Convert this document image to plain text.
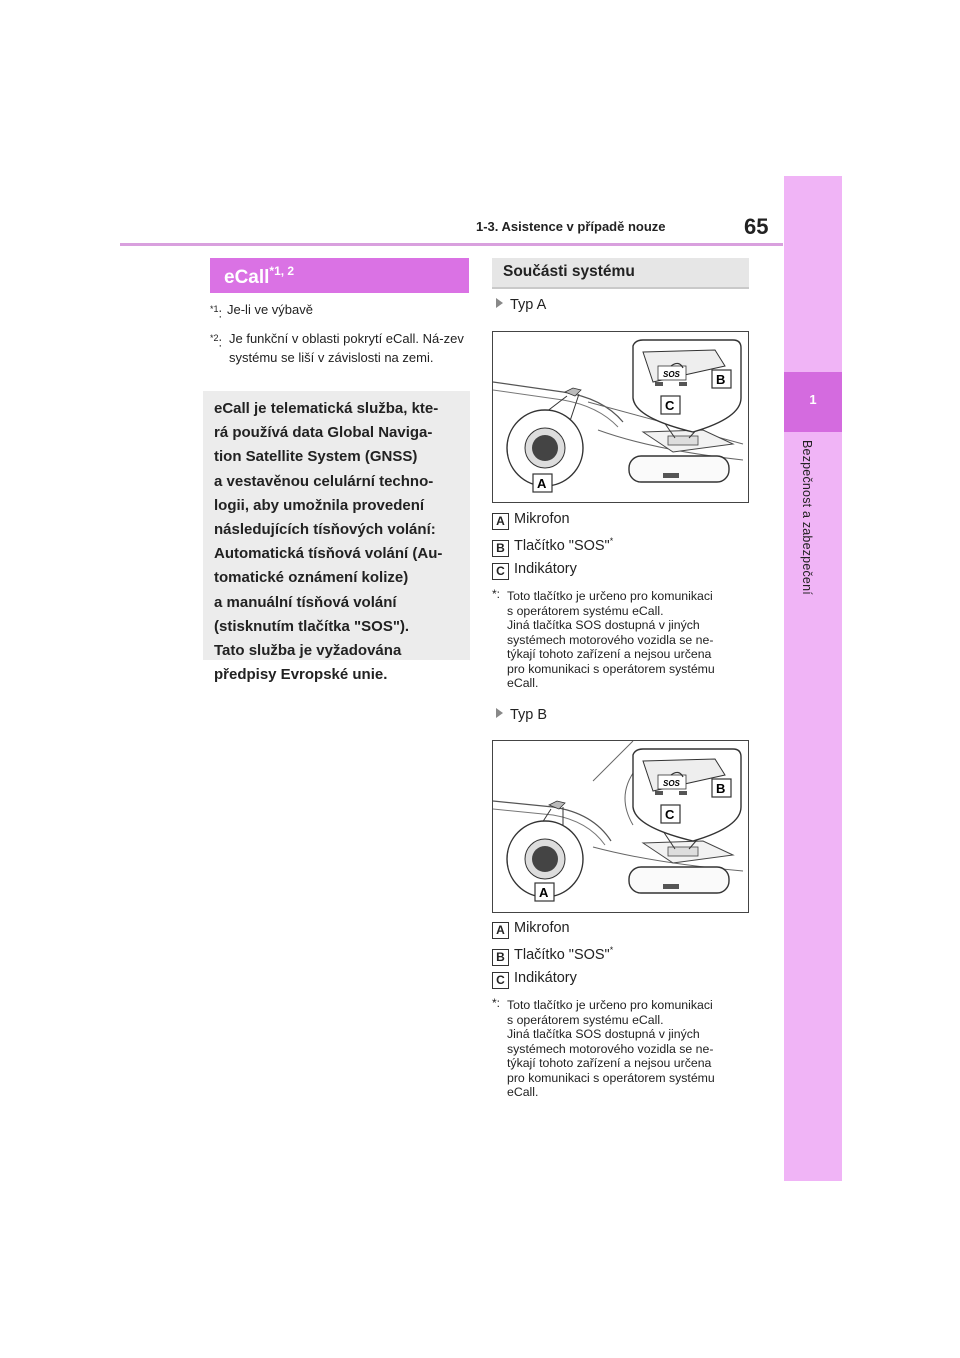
1-3. Asistence v případě nouze	65
1
Bezpečnost a zabezpečení
eCall$^{*1, 2}$
$^{*1}$: Je-li ve výbavě
$^{*2}$: Je funkční v oblasti pokrytí eCall. Ná-zev systému se liší v závislosti na zemi.
eCall je telematická služba, kte-
rá používá data Global Naviga-
tion Satellite System (GNSS)
a vestavěnou celulární techno-
logii, aby umožnila provedení
následujících tísňových volání:
Automatická tísňová volání (Au-
tomatické oznámení kolize)
a manuální tísňová volání
(stisknutím tlačítka "SOS").
Tato služba je vyžadována
předpisy Evropské unie.
Součásti systému
Typ A
SOS
A
B
C
A Mikrofon
B Tlačítko "SOS"*
C Indikátory
*: Toto tlačítko je určeno pro komunikaci
s operátorem systému eCall.
Jiná tlačítka SOS dostupná v jiných
systémech motorového vozidla se ne-
týkají tohoto zařízení a nejsou určena
pro komunikaci s operátorem systému
eCall.
Typ B
SOS
A
B
C
A Mikrofon
B Tlačítko "SOS"*
C Indikátory
*: Toto tlačítko je určeno pro komunikaci
s operátorem systému eCall.
Jiná tlačítka SOS dostupná v jiných
systémech motorového vozidla se ne-
týkají tohoto zařízení a nejsou určena
pro komunikaci s operátorem systému
eCall.
